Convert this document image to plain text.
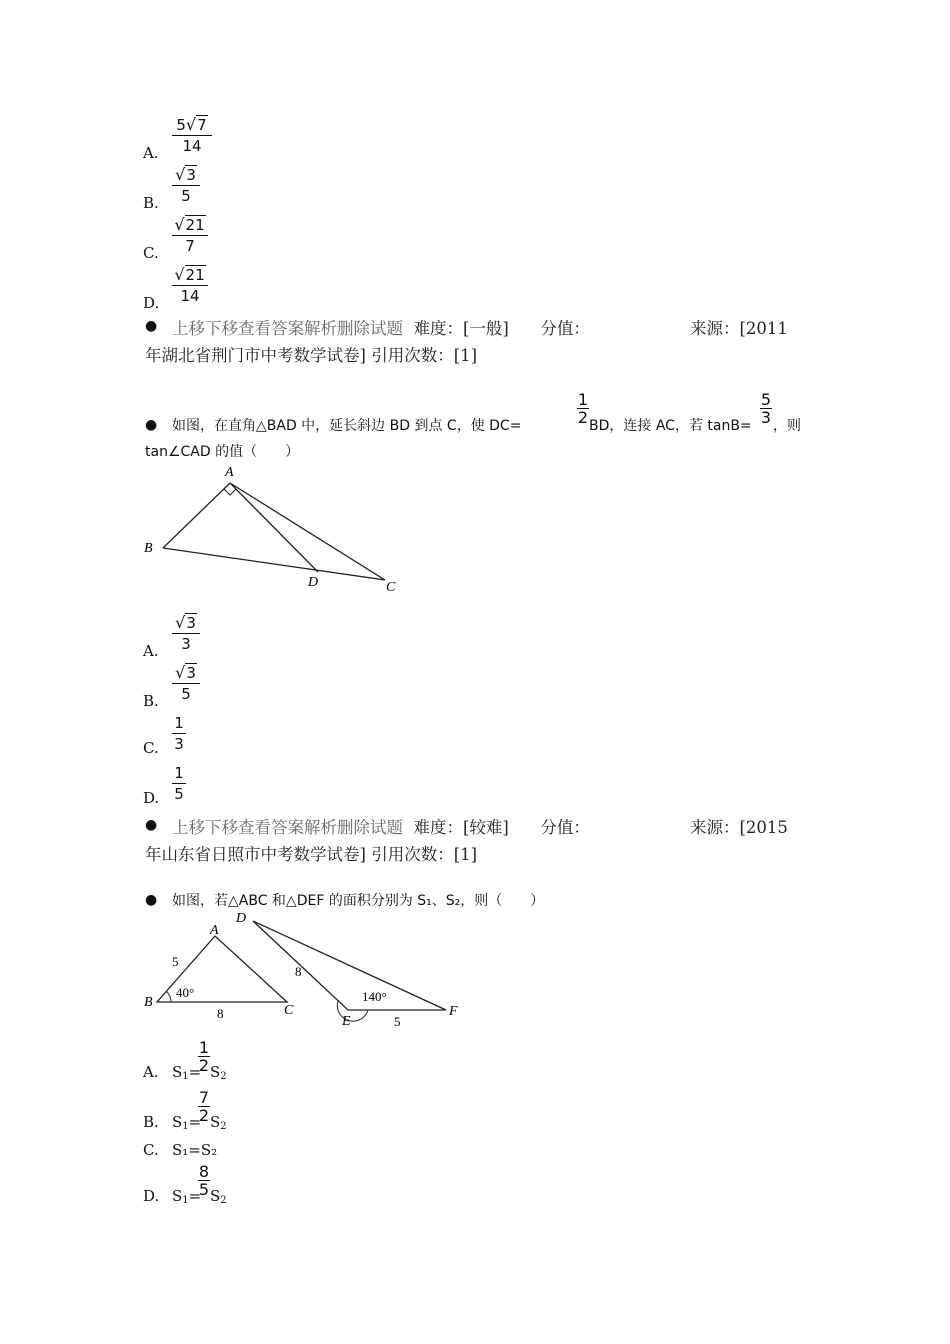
A.
5√7
14
B.
√3
5
C.
√21
7
D.
√21
14
● 上移下移查看答案解析删除试题 难度：[一般] 分值：	来源：[2011
年湖北省荆门市中考数学试卷] 引用次数：[1]
● 如图，在直角△BAD 中，延长斜边 BD 到点 C，使 DC=
1
2 BD，连接 AC，若 tanB=
5
3 ，则
tan∠CAD 的值（　　）
A
B
D	C
A.
√3
3
B.
√3
5
C.
1
3
D.
1
5
● 上移下移查看答案解析删除试题 难度：[较难] 分值：	来源：[2015
年山东省日照市中考数学试卷] 引用次数：[1]
● 如图，若△ABC 和△DEF 的面积分别为 S₁、S₂，则（　　）
A
B
C
5
8
40°
D
E
F
8
5
140°
A. $S_1=$
1
2 $S_2$
B. $S_1=$
7
2 $S_2$
C. S₁=S₂
D. $S_1=$
8
5 $S_2$
